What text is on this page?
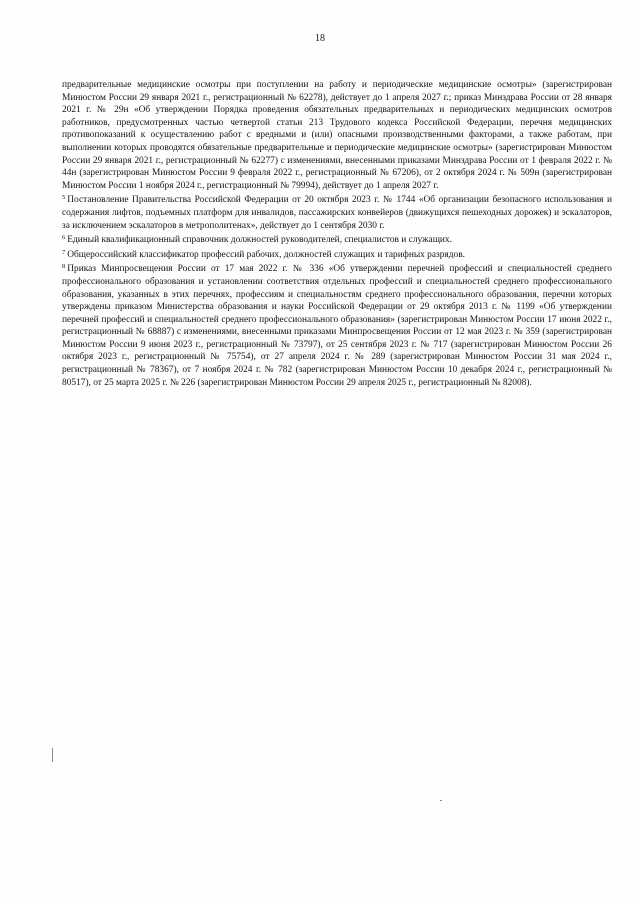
18

предварительные медицинские осмотры при поступлении на работу и периодические медицинские осмотры» (зарегистрирован Минюстом России 29 января 2021 г., регистрационный № 62278), действует до 1 апреля 2027 г.; приказ Минздрава России от 28 января 2021 г. № 29н «Об утверждении Порядка проведения обязательных предварительных и периодических медицинских осмотров работников, предусмотренных частью четвертой статьи 213 Трудового кодекса Российской Федерации, перечня медицинских противопоказаний к осуществлению работ с вредными и (или) опасными производственными факторами, а также работам, при выполнении которых проводятся обязательные предварительные и периодические медицинские осмотры» (зарегистрирован Минюстом России 29 января 2021 г., регистрационный № 62277) с изменениями, внесенными приказами Минздрава России от 1 февраля 2022 г. № 44н (зарегистрирован Минюстом России 9 февраля 2022 г., регистрационный № 67206), от 2 октября 2024 г. № 509н (зарегистрирован Минюстом России 1 ноября 2024 г., регистрационный № 79994), действует до 1 апреля 2027 г.

$^5$ Постановление Правительства Российской Федерации от 20 октября 2023 г. № 1744 «Об организации безопасного использования и содержания лифтов, подъемных платформ для инвалидов, пассажирских конвейеров (движущихся пешеходных дорожек) и эскалаторов, за исключением эскалаторов в метрополитенах», действует до 1 сентября 2030 г.

$^6$ Единый квалификационный справочник должностей руководителей, специалистов и служащих.

$^7$ Общероссийский классификатор профессий рабочих, должностей служащих и тарифных разрядов.

$^8$ Приказ Минпросвещения России от 17 мая 2022 г. № 336 «Об утверждении перечней профессий и специальностей среднего профессионального образования и установлении соответствия отдельных профессий и специальностей среднего профессионального образования, указанных в этих перечнях, профессиям и специальностям среднего профессионального образования, перечни которых утверждены приказом Министерства образования и науки Российской Федерации от 29 октября 2013 г. № 1199 «Об утверждении перечней профессий и специальностей среднего профессионального образования» (зарегистрирован Минюстом России 17 июня 2022 г., регистрационный № 68887) с изменениями, внесенными приказами Минпросвещения России от 12 мая 2023 г. № 359 (зарегистрирован Минюстом России 9 июня 2023 г., регистрационный № 73797), от 25 сентября 2023 г. № 717 (зарегистрирован Минюстом России 26 октября 2023 г., регистрационный № 75754), от 27 апреля 2024 г. № 289 (зарегистрирован Минюстом России 31 мая 2024 г., регистрационный № 78367), от 7 ноября 2024 г. № 782 (зарегистрирован Минюстом России 10 декабря 2024 г., регистрационный № 80517), от 25 марта 2025 г. № 226 (зарегистрирован Минюстом России 29 апреля 2025 г., регистрационный № 82008).
